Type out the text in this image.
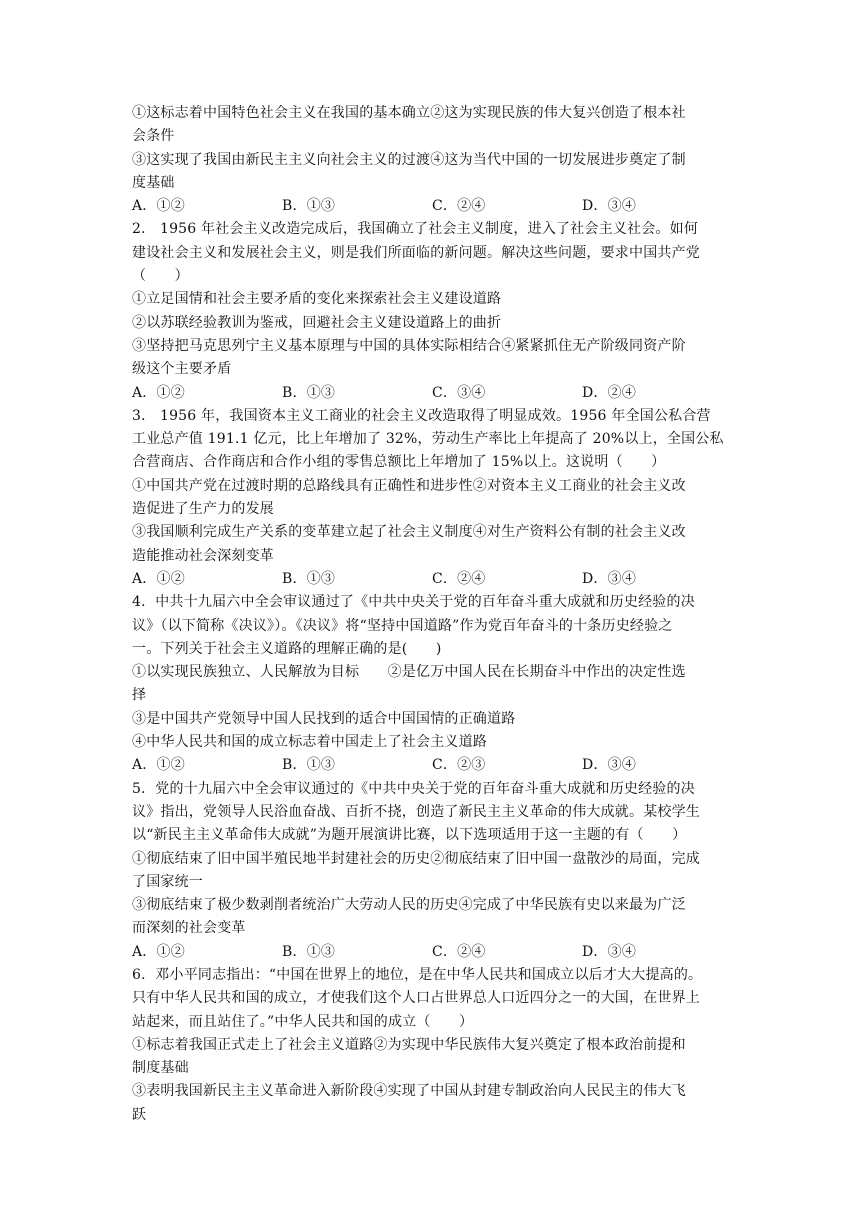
①这标志着中国特色社会主义在我国的基本确立②这为实现民族的伟大复兴创造了根本社
会条件
③这实现了我国由新民主主义向社会主义的过渡④这为当代中国的一切发展进步奠定了制
度基础
A．①②	B．①③	C．②④	D．③④
2． 1956 年社会主义改造完成后，我国确立了社会主义制度，进入了社会主义社会。如何
建设社会主义和发展社会主义，则是我们所面临的新问题。解决这些问题，要求中国共产党
（　　）
①立足国情和社会主要矛盾的变化来探索社会主义建设道路
②以苏联经验教训为鉴戒，回避社会主义建设道路上的曲折
③坚持把马克思列宁主义基本原理与中国的具体实际相结合④紧紧抓住无产阶级同资产阶
级这个主要矛盾
A．①②	B．①③	C．③④	D．②④
3． 1956 年，我国资本主义工商业的社会主义改造取得了明显成效。1956 年全国公私合营
工业总产值 191.1 亿元，比上年增加了 32%，劳动生产率比上年提高了 20%以上，全国公私
合营商店、合作商店和合作小组的零售总额比上年增加了 15%以上。这说明（　　）
①中国共产党在过渡时期的总路线具有正确性和进步性②对资本主义工商业的社会主义改
造促进了生产力的发展
③我国顺利完成生产关系的变革建立起了社会主义制度④对生产资料公有制的社会主义改
造能推动社会深刻变革
A．①②	B．①③	C．②④	D．③④
4．中共十九届六中全会审议通过了《中共中央关于党的百年奋斗重大成就和历史经验的决
议》（以下简称《决议》）。《决议》将“坚持中国道路”作为党百年奋斗的十条历史经验之
一。下列关于社会主义道路的理解正确的是(　　)
①以实现民族独立、人民解放为目标　　②是亿万中国人民在长期奋斗中作出的决定性选
择
③是中国共产党领导中国人民找到的适合中国国情的正确道路
④中华人民共和国的成立标志着中国走上了社会主义道路
A．①②	B．①③	C．②③	D．③④
5．党的十九届六中全会审议通过的《中共中央关于党的百年奋斗重大成就和历史经验的决
议》指出，党领导人民浴血奋战、百折不挠，创造了新民主主义革命的伟大成就。某校学生
以“新民主主义革命伟大成就”为题开展演讲比赛，以下选项适用于这一主题的有（　　）
①彻底结束了旧中国半殖民地半封建社会的历史②彻底结束了旧中国一盘散沙的局面，完成
了国家统一
③彻底结束了极少数剥削者统治广大劳动人民的历史④完成了中华民族有史以来最为广泛
而深刻的社会变革
A．①②	B．①③	C．②④	D．③④
6．邓小平同志指出：“中国在世界上的地位，是在中华人民共和国成立以后才大大提高的。
只有中华人民共和国的成立，才使我们这个人口占世界总人口近四分之一的大国，在世界上
站起来，而且站住了。”中华人民共和国的成立（　　）
①标志着我国正式走上了社会主义道路②为实现中华民族伟大复兴奠定了根本政治前提和
制度基础
③表明我国新民主主义革命进入新阶段④实现了中国从封建专制政治向人民民主的伟大飞
跃
